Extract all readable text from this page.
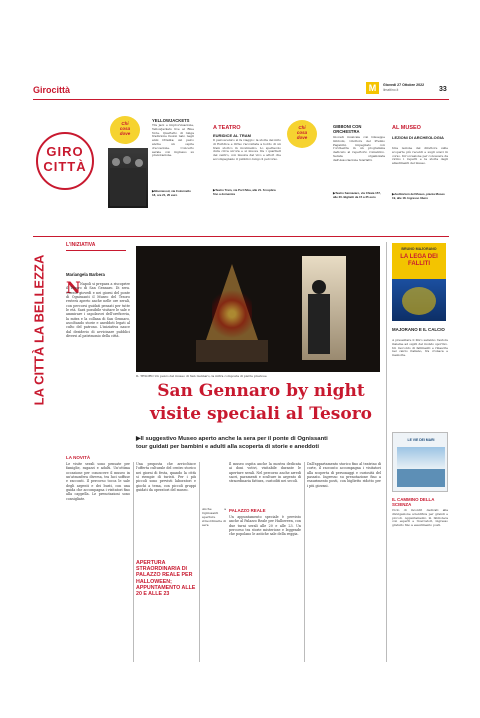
Girocittà	M	Giovedì 27 Ottobre 2022
ilmattino.it	33
GIRO
CITTÀ
Chi
cosa
dove
YELLOWJACKETS
Tra jazz e improvvisazione, Yellowjackets live al Blue Note. Quartetto di lunga tradizione fusion nato negli anni Ottanta; sul palco anche un ospite d'eccezione. Concerto serale con ingresso su prenotazione.
▶Moonwood, via Colonnello 18, ore 21, 20 euro
A TEATRO
EURIDICE AL TRAM
Il palcoscenico si fa viaggio: la storia del mito di Euridice e Orfeo raccontata a bordo di un tram storico in movimento. Lo spettacolo dura circa un'ora e si muove tra i quartieri del centro, con musica dal vivo e attori che accompagnano il pubblico lungo il percorso.
▶Teatro Tram, via Port'Alba, alle 21. Si replica fino a domenica
Chi
cosa
dove
GIBBONI CON ORCHESTRA
Giovedì musicale con Giuseppe Gibboni, vincitore del Premio Paganini, impegnato con l'orchestra in un programma dedicato al repertorio romantico. Serata organizzata dall'Associazione Scarlatti.
▶Teatro Sannazaro, via Chiaia 157, alle 20. Biglietti da 15 a 25 euro
AL MUSEO
LEZIONI DI ARCHEOLOGIA
Una lezione del direttore sulle scoperte più recenti e sugli scavi in corso. Un'occasione per conoscere da vicino i reperti e la storia degli allestimenti del museo.
▶Auditorium del Museo, piazza Museo 19, alle 18. Ingresso libero
LA CITTÀ LA BELLEZZA
L'INIZIATIVA
Mariangela Barbera
N Napoli si prepara a riscoprire il Tesoro di San Gennaro. Di sera. Questo giovedì e nei giorni del ponte di Ognissanti il Museo del Tesoro resterà aperto anche nelle ore serali, con percorsi guidati pensati per tutte le età. Sarà possibile visitare le sale e ammirare i capolavori dell'oreficeria, la mitra e la collana di San Gennaro, ascoltando storie e aneddoti legati al culto del patrono. L'iniziativa nasce dal desiderio di avvicinare pubblici diversi al patrimonio della città.
IL TESORO Un pezzo del museo di San Gennaro, la mitra composta di pietre preziose
San Gennaro by night
visite speciali al Tesoro
▶Il suggestivo Museo aperto anche la sera per il ponte di Ognissanti
tour guidati per bambini e adulti alla scoperta di storie e aneddoti
LA NOVITÀ
Le visite serali sono pensate per famiglie, ragazzi e adulti. Un'ottima occasione per conoscere il museo in un'atmosfera diversa, tra luci soffuse e racconti. Il percorso tocca le sale degli argenti e dei busti, con una guida che accompagna i visitatori fino alla cappella. Le prenotazioni sono consigliate.
Una proposta che arricchisce l'offerta culturale del centro storico nei giorni di festa, quando la città si riempie di turisti. Per i più piccoli sono previsti laboratori e giochi a tema, con piccoli gruppi guidati da operatori del museo.
APERTURA STRAORDINARIA DI PALAZZO REALE PER HALLOWEEN; APPUNTAMENTO ALLE 20 E ALLE 23
Anche a Ognissanti aperture straordinarie di sera
Il museo ospita anche la mostra dedicata ai doni votivi, visitabile durante le aperture serali. Nel percorso anche arredi sacri, paramenti e sculture in argento di straordinaria fattura, custoditi nei secoli.
PALAZZO REALE
Un appuntamento speciale è previsto anche al Palazzo Reale per Halloween, con due turni serali alle 20 e alle 23. Un percorso tra storie misteriose e leggende che popolano le antiche sale della reggia.
Dall'appartamento storico fino al teatrino di corte, il racconto accompagna i visitatori alla scoperta di personaggi e curiosità del passato. Ingresso su prenotazione fino a esaurimento posti, con biglietto ridotto per i più giovani.
BRUNO MAJORANO
LA LEGA DEI FALLITI
MAJORANO E IL CALCIO
A presentare il libro saranno l'autore insieme ad ospiti del mondo sportivo. Un racconto di fallimenti e rinascite nel calcio italiano, tra cronaca e memoria.
LE VIE DEI MARI
IL CAMMINO DELLA SCIENZA
Ciclo di incontri dedicati alla divulgazione scientifica per grandi e piccoli. Appuntamento in biblioteca con esperti e ricercatori, ingresso gratuito fino a esaurimento posti.
